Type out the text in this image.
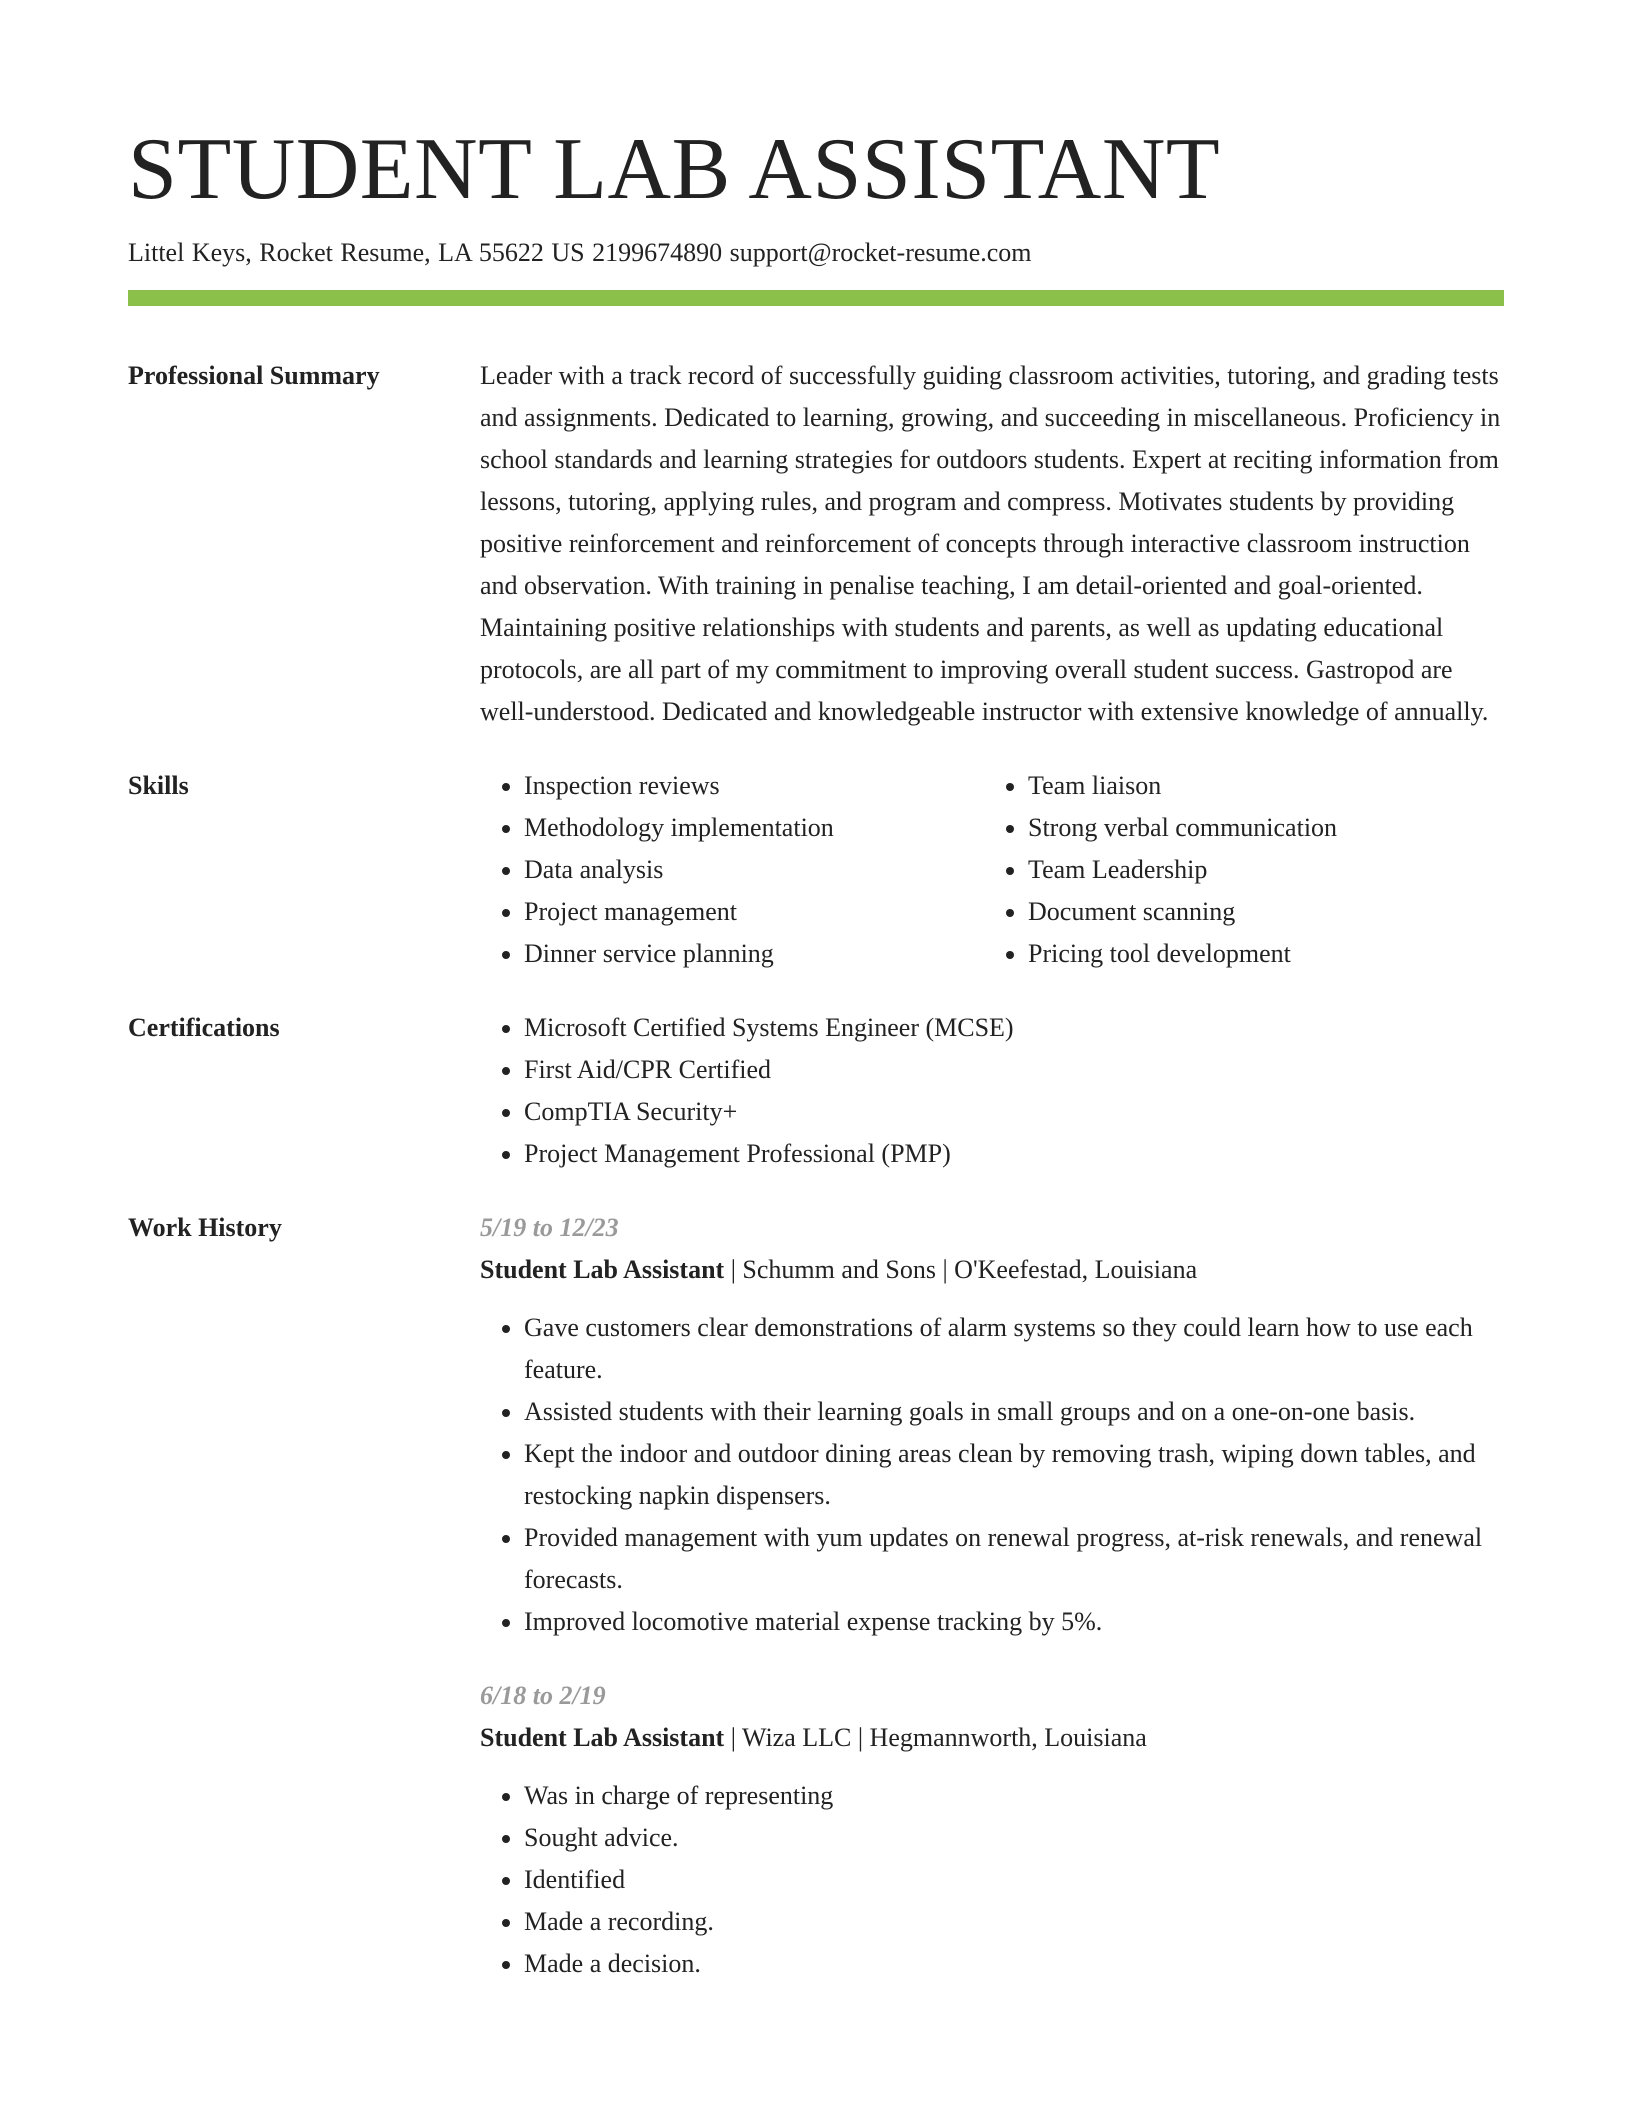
STUDENT LAB ASSISTANT
Littel Keys, Rocket Resume, LA 55622 US 2199674890 support@rocket-resume.com
Professional Summary	Leader with a track record of successfully guiding classroom activities, tutoring, and grading tests and assignments. Dedicated to learning, growing, and succeeding in miscellaneous. Proficiency in school standards and learning strategies for outdoors students. Expert at reciting information from lessons, tutoring, applying rules, and program and compress. Motivates students by providing positive reinforcement and reinforcement of concepts through interactive classroom instruction and observation. With training in penalise teaching, I am detail-oriented and goal-oriented. Maintaining positive relationships with students and parents, as well as updating educational protocols, are all part of my commitment to improving overall student success. Gastropod are well-understood. Dedicated and knowledgeable instructor with extensive knowledge of annually.
Skills	• Inspection reviews
• Methodology implementation
• Data analysis
• Project management
• Dinner service planning
• Team liaison
• Strong verbal communication
• Team Leadership
• Document scanning
• Pricing tool development
Certifications	• Microsoft Certified Systems Engineer (MCSE)
• First Aid/CPR Certified
• CompTIA Security+
• Project Management Professional (PMP)
Work History	5/19 to 12/23
Student Lab Assistant | Schumm and Sons | O'Keefestad, Louisiana
• Gave customers clear demonstrations of alarm systems so they could learn how to use each feature.
• Assisted students with their learning goals in small groups and on a one-on-one basis.
• Kept the indoor and outdoor dining areas clean by removing trash, wiping down tables, and restocking napkin dispensers.
• Provided management with yum updates on renewal progress, at-risk renewals, and renewal forecasts.
• Improved locomotive material expense tracking by 5%.
6/18 to 2/19
Student Lab Assistant | Wiza LLC | Hegmannworth, Louisiana
• Was in charge of representing
• Sought advice.
• Identified
• Made a recording.
• Made a decision.
